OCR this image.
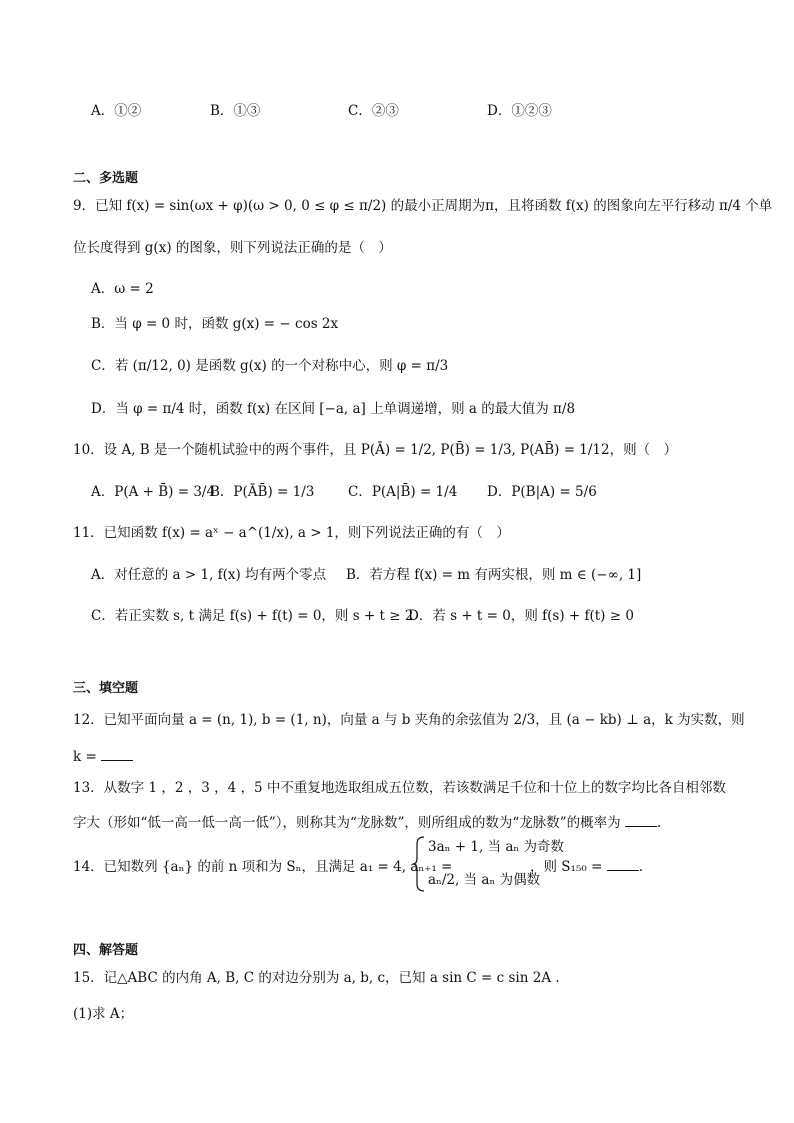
A．①②	B．①③	C．②③	D．①②③
二、多选题
9．已知 f(x) = sin(ωx + φ)(ω > 0, 0 ≤ φ ≤ π/2) 的最小正周期为π，且将函数 f(x) 的图象向左平行移动 π/4 个单
位长度得到 g(x) 的图象，则下列说法正确的是（　）
A．ω = 2
B．当 φ = 0 时，函数 g(x) = − cos 2x
C．若 (π/12, 0) 是函数 g(x) 的一个对称中心，则 φ = π/3
D．当 φ = π/4 时，函数 f(x) 在区间 [−a, a] 上单调递增，则 a 的最大值为 π/8
10．设 A, B 是一个随机试验中的两个事件，且 P(Ā) = 1/2, P(B̄) = 1/3, P(AB̄) = 1/12，则（　）
A．P(A + B̄) = 3/4
B．P(ĀB̄) = 1/3 C．P(A|B̄) = 1/4 D．P(B|A) = 5/6
11．已知函数 f(x) = aˣ − a^(1/x), a > 1，则下列说法正确的有（　）
A．对任意的 a > 1, f(x) 均有两个零点 B．若方程 f(x) = m 有两实根，则 m ∈ (−∞, 1]
C．若正实数 s, t 满足 f(s) + f(t) = 0，则 s + t ≥ 2
D．若 s + t = 0，则 f(s) + f(t) ≥ 0
三、填空题
12．已知平面向量 a = (n, 1), b = (1, n)，向量 a 与 b 夹角的余弦值为 2/3，且 (a − kb) ⊥ a，k 为实数，则
k =
13．从数字 1 ，2 ，3 ，4 ，5 中不重复地选取组成五位数，若该数满足千位和十位上的数字均比各自相邻数
字大（形如“低一高一低一高一低”），则称其为“龙脉数”，则所组成的数为“龙脉数”的概率为	.
14．已知数列 {aₙ} 的前 n 项和为 Sₙ，且满足 a₁ = 4, aₙ₊₁ =
3aₙ + 1, 当 aₙ 为奇数
aₙ/2, 当 aₙ 为偶数
，则 S₁₅₀ =	.
四、解答题
15．记△ABC 的内角 A, B, C 的对边分别为 a, b, c，已知 a sin C = c sin 2A .
(1)求 A；
